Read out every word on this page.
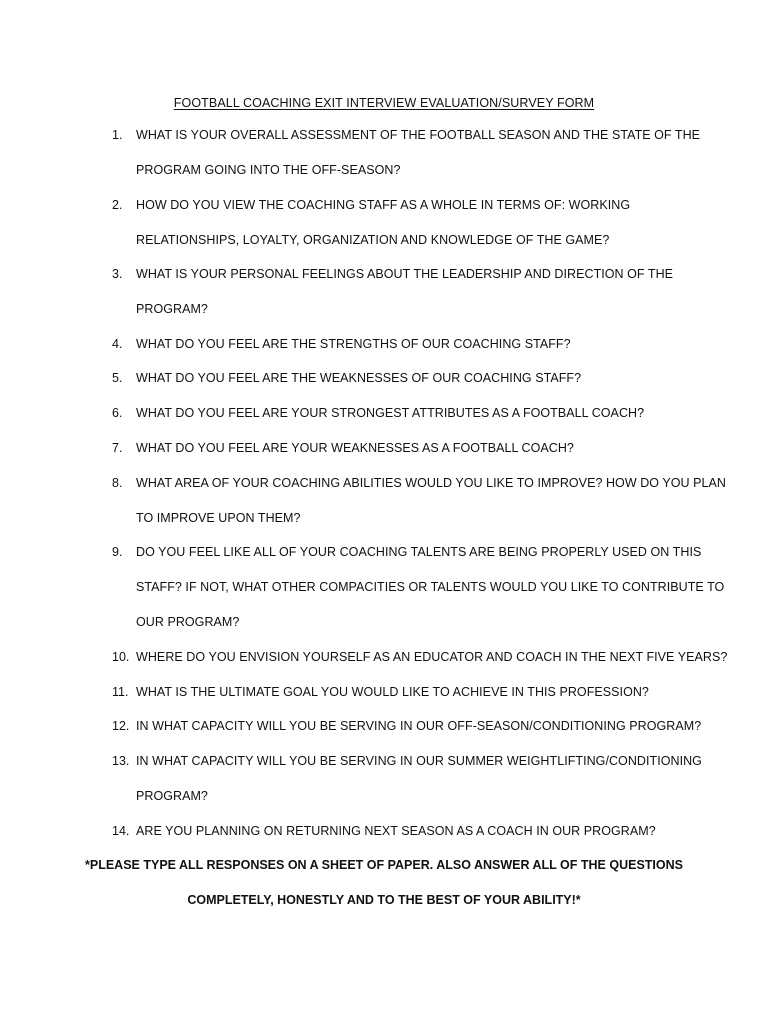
FOOTBALL COACHING EXIT INTERVIEW EVALUATION/SURVEY FORM
1. WHAT IS YOUR OVERALL ASSESSMENT OF THE FOOTBALL SEASON AND THE STATE OF THE
PROGRAM GOING INTO THE OFF-SEASON?
2. HOW DO YOU VIEW THE COACHING STAFF AS A WHOLE IN TERMS OF: WORKING
RELATIONSHIPS, LOYALTY, ORGANIZATION AND KNOWLEDGE OF THE GAME?
3. WHAT IS YOUR PERSONAL FEELINGS ABOUT THE LEADERSHIP AND DIRECTION OF THE
PROGRAM?
4. WHAT DO YOU FEEL ARE THE STRENGTHS OF OUR COACHING STAFF?
5. WHAT DO YOU FEEL ARE THE WEAKNESSES OF OUR COACHING STAFF?
6. WHAT DO YOU FEEL ARE YOUR STRONGEST ATTRIBUTES AS A FOOTBALL COACH?
7. WHAT DO YOU FEEL ARE YOUR WEAKNESSES AS A FOOTBALL COACH?
8. WHAT AREA OF YOUR COACHING ABILITIES WOULD YOU LIKE TO IMPROVE? HOW DO YOU PLAN
TO IMPROVE UPON THEM?
9. DO YOU FEEL LIKE ALL OF YOUR COACHING TALENTS ARE BEING PROPERLY USED ON THIS
STAFF? IF NOT, WHAT OTHER COMPACITIES OR TALENTS WOULD YOU LIKE TO CONTRIBUTE TO
OUR PROGRAM?
10. WHERE DO YOU ENVISION YOURSELF AS AN EDUCATOR AND COACH IN THE NEXT FIVE YEARS?
11. WHAT IS THE ULTIMATE GOAL YOU WOULD LIKE TO ACHIEVE IN THIS PROFESSION?
12. IN WHAT CAPACITY WILL YOU BE SERVING IN OUR OFF-SEASON/CONDITIONING PROGRAM?
13. IN WHAT CAPACITY WILL YOU BE SERVING IN OUR SUMMER WEIGHTLIFTING/CONDITIONING
PROGRAM?
14. ARE YOU PLANNING ON RETURNING NEXT SEASON AS A COACH IN OUR PROGRAM?
*PLEASE TYPE ALL RESPONSES ON A SHEET OF PAPER. ALSO ANSWER ALL OF THE QUESTIONS
COMPLETELY, HONESTLY AND TO THE BEST OF YOUR ABILITY!*
